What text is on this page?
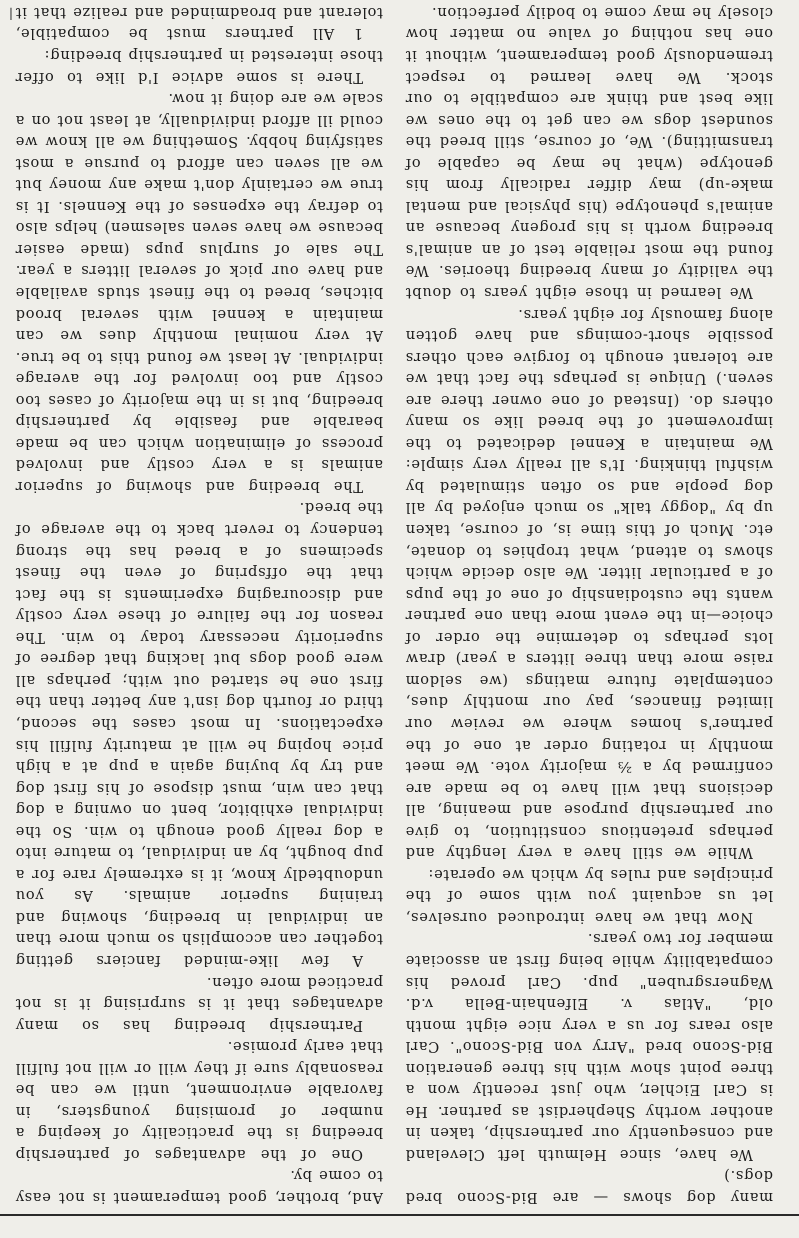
many dog shows — are Bid-Scono bred dogs.)

We have, since Helmuth left Cleveland and consequently our partnership, taken in another worthy Shepherdist as partner. He is Carl Eichler, who just recently won a three point show with his three generation Bid-Scono bred "Arry von Bid-Scono". Carl also rears for us a very nice eight month old, "Atlas v. Elfenhain-Bella v.d. Wagnersgruben" pup. Carl proved his compatability while being first an associate member for two years.

Now that we have introduced ourselves, let us acquaint you with some of the principles and rules by which we operate:

While we still have a very lengthy and perhaps pretentious constitution, to give our partnership purpose and meaning, all decisions that will have to be made are confirmed by a ⅔ majority vote. We meet monthly in rotating order at one of the partner's homes where we review our limited finances, pay our monthly dues, contemplate future matings (we seldom raise more than three litters a year) draw lots perhaps to determine the order of choice—in the event more than one partner wants the custodianship of one of the pups of a particular litter. We also decide which shows to attend, what trophies to donate, etc. Much of this time is, of course, taken up by "doggy talk" so much enjoyed by all dog people and so often stimulated by wishful thinking. It's all really very simple: We maintain a Kennel dedicated to the improvement of the breed like so many others do. (Instead of one owner there are seven.) Unique is perhaps the fact that we are tolerant enough to forgive each others possible short-comings and have gotten along famously for eight years.

We learned in those eight years to doubt the validity of many breeding theories. We found the most reliable test of an animal's breeding worth is his progeny because an animal's phenotype (his physical and mental make-up) may differ radically from his genotype (what he may be capable of transmitting). We, of course, still breed the soundest dogs we can get to the ones we like best and think are compatible to our stock. We have learned to respect tremendously good temperament, without it one has nothing of value no matter how closely he may come to bodily perfection.

And, brother, good temperament is not easy to come by.

One of the advantages of partnership breeding is the practicality of keeping a number of promising youngsters, in favorable environment, until we can be reasonably sure if they will or will not fulfill that early promise.

Partnership breeding has so many advantages that it is surprising it is not practiced more often.

A few like-minded fanciers getting together can accomplish so much more than an individual in breeding, showing and training superior animals. As you undoubtedly know, it is extremely rare for a pup bought, by an individual, to mature into a dog really good enough to win. So the individual exhibitor, bent on owning a dog that can win, must dispose of his first dog and try by buying again a pup at a high price hoping he will at maturity fulfill his expectations. In most cases the second, third or fourth dog isn't any better than the first one he started out with; perhaps all were good dogs but lacking that degree of superiority necessary today to win. The reason for the failure of these very costly and discouraging experiments is the fact that the offspring of even the finest specimens of a breed has the strong tendency to revert back to the average of the breed.

The breeding and showing of superior animals is a very costly and involved process of elimination which can be made bearable and feasible by partnership breeding, but is in the majority of cases too costly and too involved for the average individual. At least we found this to be true. At very nominal monthly dues we can maintain a kennel with several brood bitches, breed to the finest studs available and have our pick of several litters a year. The sale of surplus pups (made easier because we have seven salesmen) helps also to defray the expenses of the Kennels. It is true we certainly don't make any money but we all seven can afford to pursue a most satisfying hobby. Something we all know we could ill afford individually, at least not on a scale we are doing it now.

There is some advice I'd like to offer those interested in partnership breeding:

1 All partners must be compatible, tolerant and broadminded and realize that it

|
